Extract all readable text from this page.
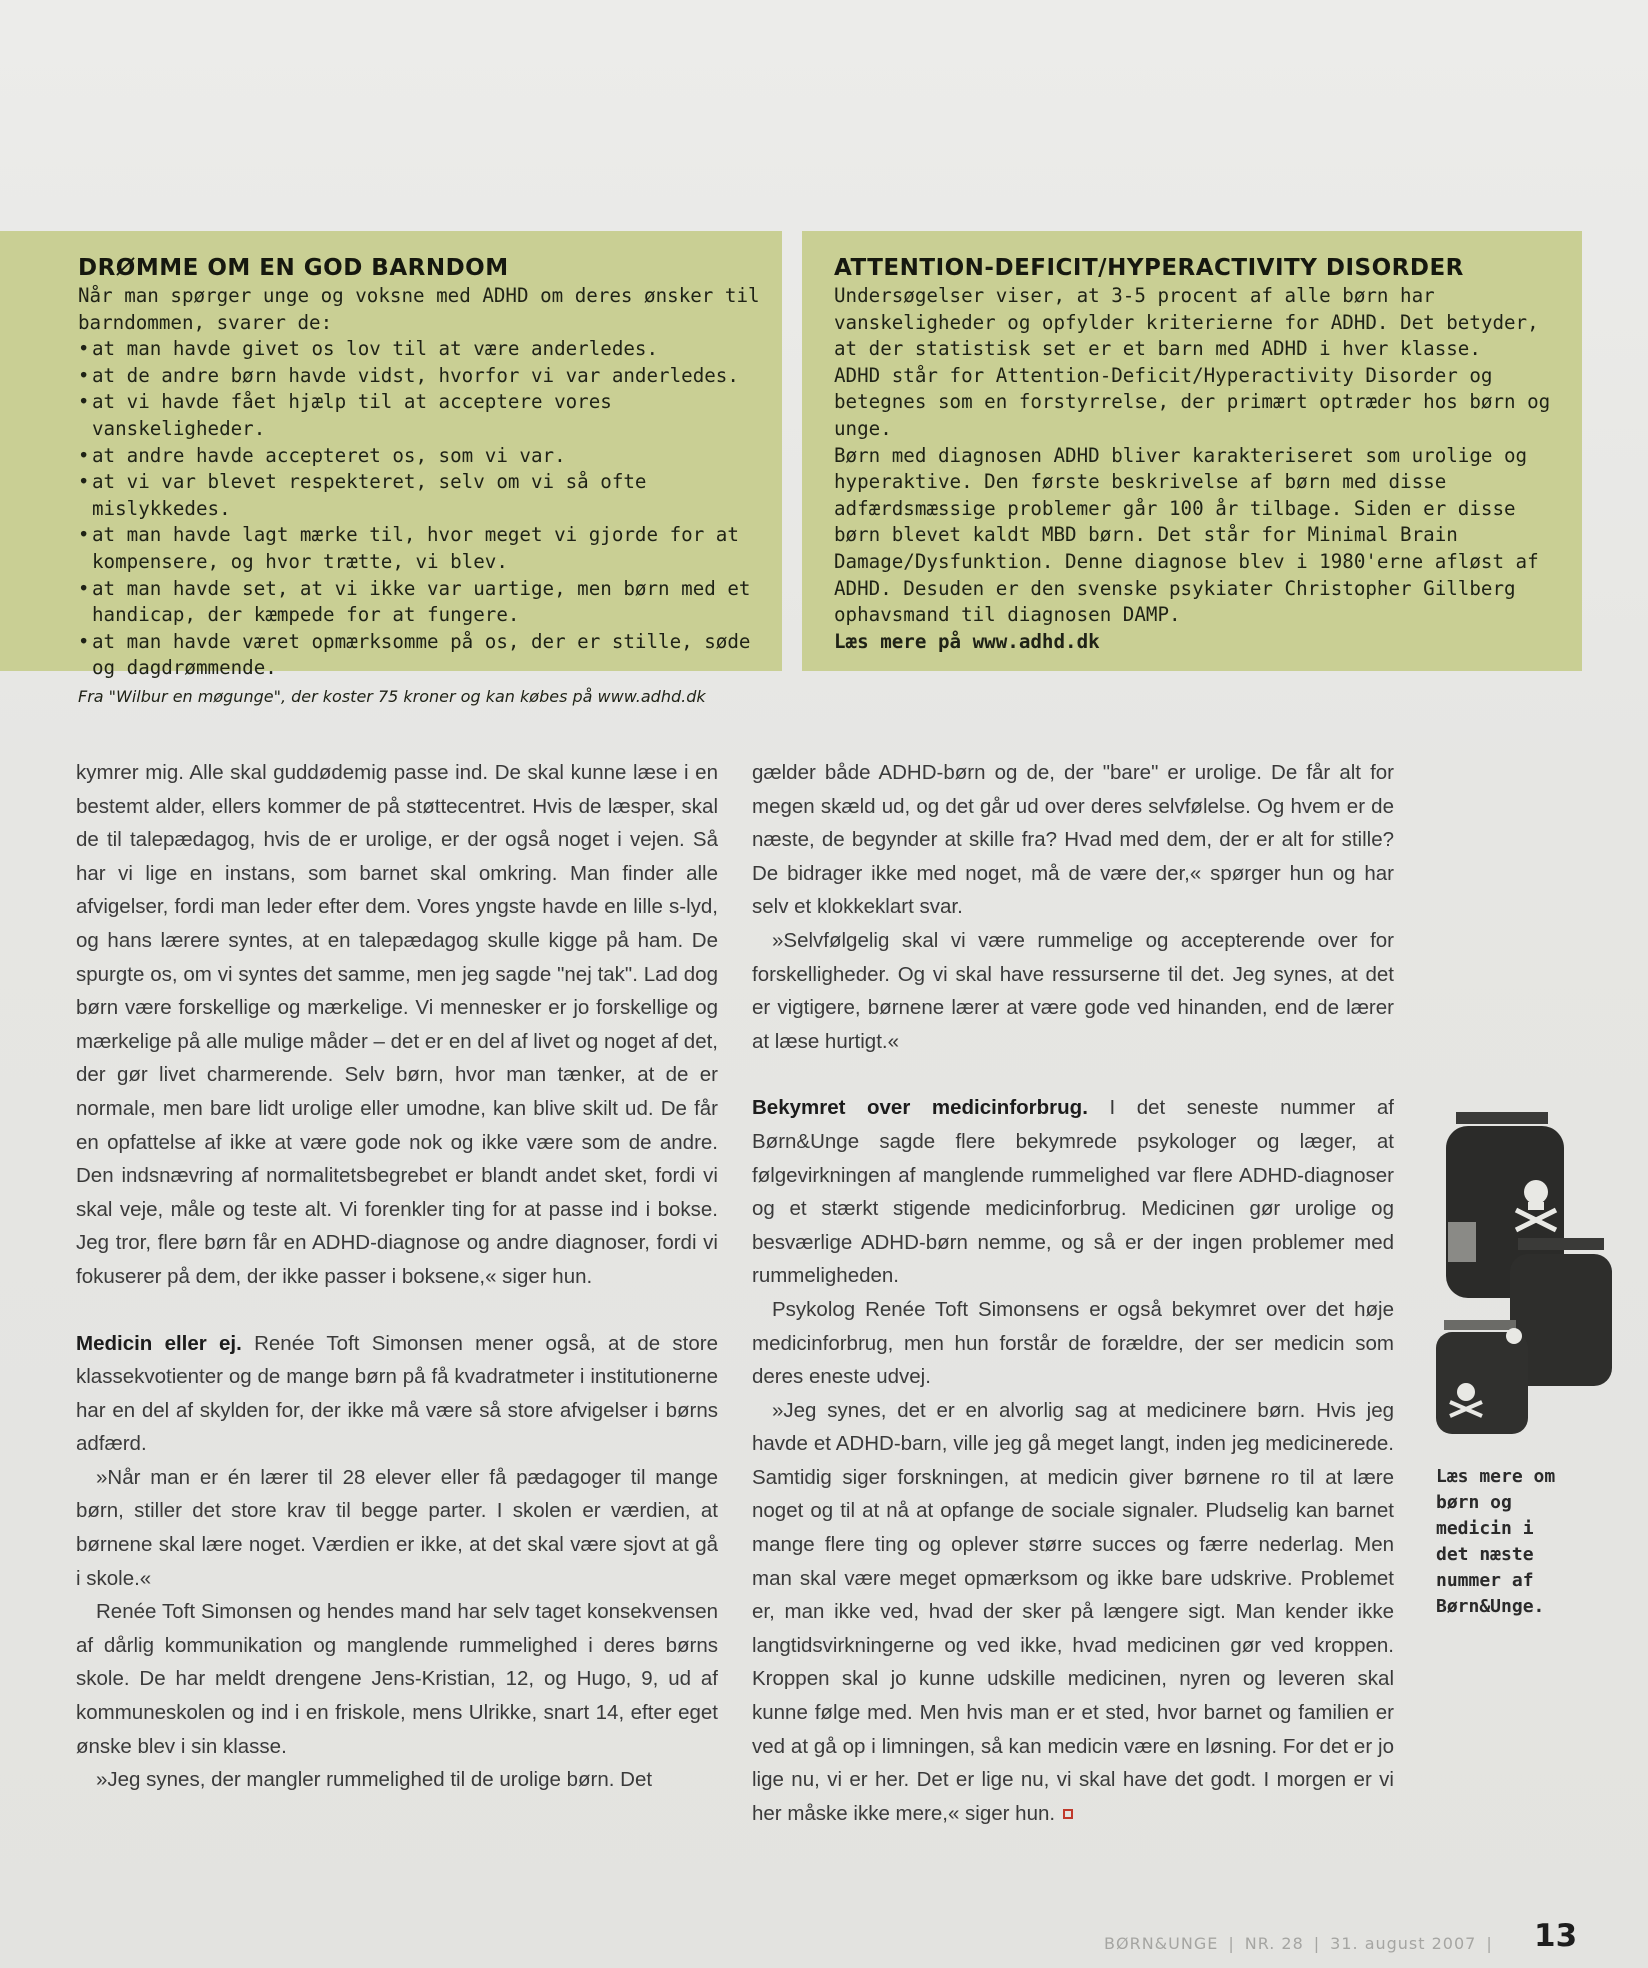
DRØMME OM EN GOD BARNDOM

Når man spørger unge og voksne med ADHD om deres ønsker til barndommen, svarer de:

• at man havde givet os lov til at være anderledes.
• at de andre børn havde vidst, hvorfor vi var anderledes.
• at vi havde fået hjælp til at acceptere vores vanskeligheder.
• at andre havde accepteret os, som vi var.
• at vi var blevet respekteret, selv om vi så ofte mislykkedes.
• at man havde lagt mærke til, hvor meget vi gjorde for at kompensere, og hvor trætte, vi blev.
• at man havde set, at vi ikke var uartige, men børn med et handicap, der kæmpede for at fungere.
• at man havde været opmærksomme på os, der er stille, søde og dagdrømmende.
Fra "Wilbur en møgunge", der koster 75 kroner og kan købes på www.adhd.dk
ATTENTION-DEFICIT/HYPERACTIVITY DISORDER

Undersøgelser viser, at 3-5 procent af alle børn har vanskeligheder og opfylder kriterierne for ADHD. Det betyder, at der statistisk set er et barn med ADHD i hver klasse.

ADHD står for Attention-Deficit/Hyperactivity Disorder og betegnes som en forstyrrelse, der primært optræder hos børn og unge.

Børn med diagnosen ADHD bliver karakteriseret som urolige og hyperaktive. Den første beskrivelse af børn med disse adfærdsmæssige problemer går 100 år tilbage. Siden er disse børn blevet kaldt MBD børn. Det står for Minimal Brain Damage/Dysfunktion. Denne diagnose blev i 1980'erne afløst af ADHD. Desuden er den svenske psykiater Christopher Gillberg ophavsmand til diagnosen DAMP.

Læs mere på www.adhd.dk

kymrer mig. Alle skal guddødemig passe ind. De skal kunne læse i en bestemt alder, ellers kommer de på støttecentret. Hvis de læsper, skal de til talepædagog, hvis de er urolige, er der også noget i vejen. Så har vi lige en instans, som barnet skal omkring. Man finder alle afvigelser, fordi man leder efter dem. Vores yngste havde en lille s-lyd, og hans lærere syntes, at en talepædagog skulle kigge på ham. De spurgte os, om vi syntes det samme, men jeg sagde "nej tak". Lad dog børn være forskellige og mærkelige. Vi mennesker er jo forskellige og mærkelige på alle mulige måder – det er en del af livet og noget af det, der gør livet charmerende. Selv børn, hvor man tænker, at de er normale, men bare lidt urolige eller umodne, kan blive skilt ud. De får en opfattelse af ikke at være gode nok og ikke være som de andre. Den indsnævring af normalitetsbegrebet er blandt andet sket, fordi vi skal veje, måle og teste alt. Vi forenkler ting for at passe ind i bokse. Jeg tror, flere børn får en ADHD-diagnose og andre diagnoser, fordi vi fokuserer på dem, der ikke passer i boksene,« siger hun.

Medicin eller ej. Renée Toft Simonsen mener også, at de store klassekvotienter og de mange børn på få kvadratmeter i institutionerne har en del af skylden for, der ikke må være så store afvigelser i børns adfærd.

»Når man er én lærer til 28 elever eller få pædagoger til mange børn, stiller det store krav til begge parter. I skolen er værdien, at børnene skal lære noget. Værdien er ikke, at det skal være sjovt at gå i skole.«

Renée Toft Simonsen og hendes mand har selv taget konsekvensen af dårlig kommunikation og manglende rummelighed i deres børns skole. De har meldt drengene Jens-Kristian, 12, og Hugo, 9, ud af kommuneskolen og ind i en friskole, mens Ulrikke, snart 14, efter eget ønske blev i sin klasse.

»Jeg synes, der mangler rummelighed til de urolige børn. Det

gælder både ADHD-børn og de, der "bare" er urolige. De får alt for megen skæld ud, og det går ud over deres selvfølelse. Og hvem er de næste, de begynder at skille fra? Hvad med dem, der er alt for stille? De bidrager ikke med noget, må de være der,« spørger hun og har selv et klokkeklart svar.

»Selvfølgelig skal vi være rummelige og accepterende over for forskelligheder. Og vi skal have ressurserne til det. Jeg synes, at det er vigtigere, børnene lærer at være gode ved hinanden, end de lærer at læse hurtigt.«

Bekymret over medicinforbrug. I det seneste nummer af Børn&Unge sagde flere bekymrede psykologer og læger, at følgevirkningen af manglende rummelighed var flere ADHD-diagnoser og et stærkt stigende medicinforbrug. Medicinen gør urolige og besværlige ADHD-børn nemme, og så er der ingen problemer med rummeligheden.

Psykolog Renée Toft Simonsens er også bekymret over det høje medicinforbrug, men hun forstår de forældre, der ser medicin som deres eneste udvej.

»Jeg synes, det er en alvorlig sag at medicinere børn. Hvis jeg havde et ADHD-barn, ville jeg gå meget langt, inden jeg medicinerede. Samtidig siger forskningen, at medicin giver børnene ro til at lære noget og til at nå at opfange de sociale signaler. Pludselig kan barnet mange flere ting og oplever større succes og færre nederlag. Men man skal være meget opmærksom og ikke bare udskrive. Problemet er, man ikke ved, hvad der sker på længere sigt. Man kender ikke langtidsvirkningerne og ved ikke, hvad medicinen gør ved kroppen. Kroppen skal jo kunne udskille medicinen, nyren og leveren skal kunne følge med. Men hvis man er et sted, hvor barnet og familien er ved at gå op i limningen, så kan medicin være en løsning. For det er jo lige nu, vi er her. Det er lige nu, vi skal have det godt. I morgen er vi her måske ikke mere,« siger hun.

Læs mere om børn og medicin i det næste nummer af Børn&Unge.
BØRN&UNGE | NR. 28 | 31. august 2007 |	13
